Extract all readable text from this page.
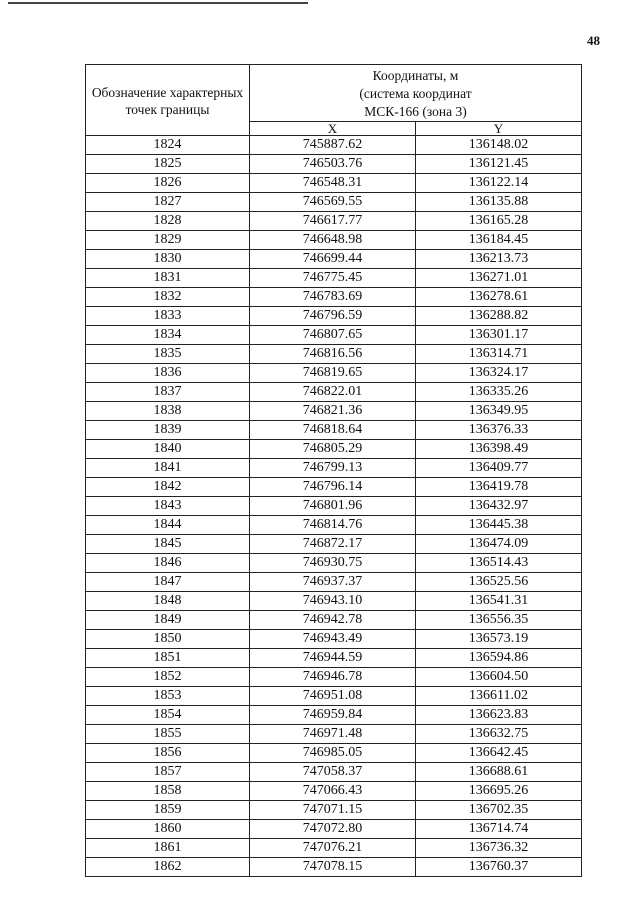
48
Обозначение характерных точек границы	Координаты, м
(система координат
МСК-166 (зона 3)	

	X	Y
1824	745887.62	136148.02
1825	746503.76	136121.45
1826	746548.31	136122.14
1827	746569.55	136135.88
1828	746617.77	136165.28
1829	746648.98	136184.45
1830	746699.44	136213.73
1831	746775.45	136271.01
1832	746783.69	136278.61
1833	746796.59	136288.82
1834	746807.65	136301.17
1835	746816.56	136314.71
1836	746819.65	136324.17
1837	746822.01	136335.26
1838	746821.36	136349.95
1839	746818.64	136376.33
1840	746805.29	136398.49
1841	746799.13	136409.77
1842	746796.14	136419.78
1843	746801.96	136432.97
1844	746814.76	136445.38
1845	746872.17	136474.09
1846	746930.75	136514.43
1847	746937.37	136525.56
1848	746943.10	136541.31
1849	746942.78	136556.35
1850	746943.49	136573.19
1851	746944.59	136594.86
1852	746946.78	136604.50
1853	746951.08	136611.02
1854	746959.84	136623.83
1855	746971.48	136632.75
1856	746985.05	136642.45
1857	747058.37	136688.61
1858	747066.43	136695.26
1859	747071.15	136702.35
1860	747072.80	136714.74
1861	747076.21	136736.32
1862	747078.15	136760.37
